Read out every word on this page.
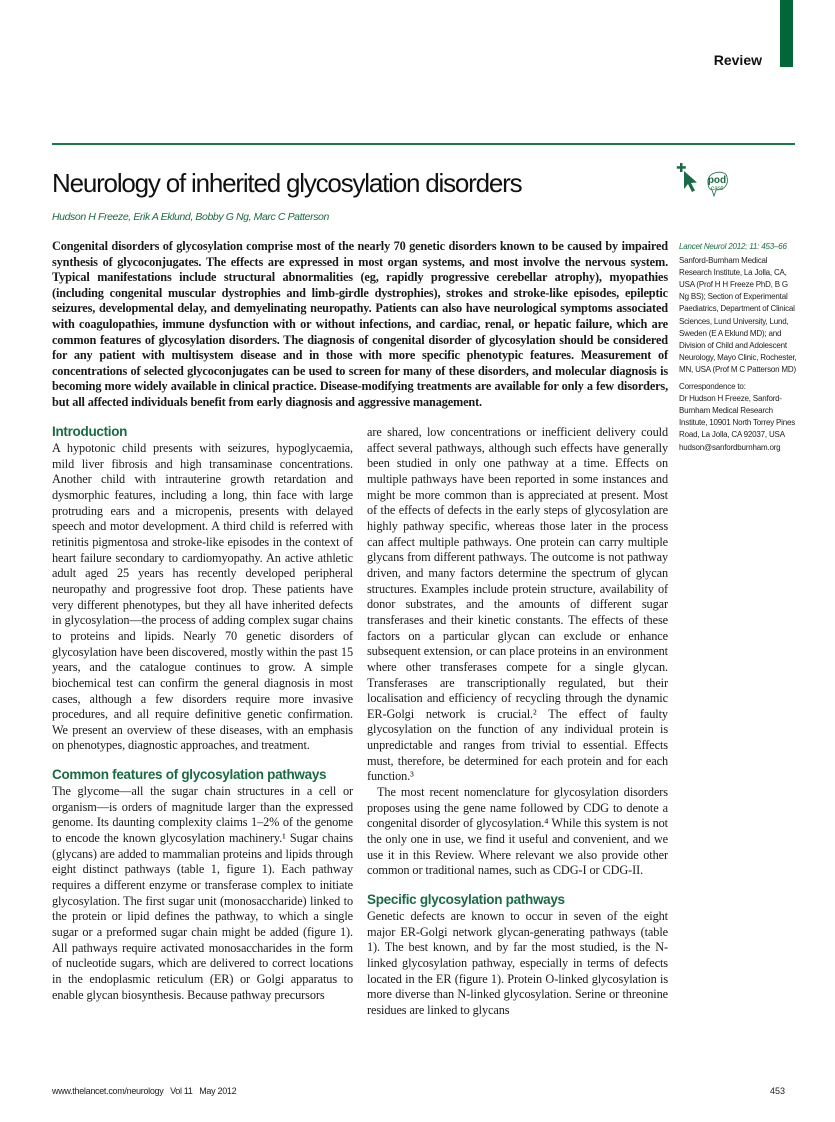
Review
Neurology of inherited glycosylation disorders
Hudson H Freeze, Erik A Eklund, Bobby G Ng, Marc C Patterson
pod
cast
Congenital disorders of glycosylation comprise most of the nearly 70 genetic disorders known to be caused by impaired synthesis of glycoconjugates. The effects are expressed in most organ systems, and most involve the nervous system. Typical manifestations include structural abnormalities (eg, rapidly progressive cerebellar atrophy), myopathies (including congenital muscular dystrophies and limb-girdle dystrophies), strokes and stroke-like episodes, epileptic seizures, developmental delay, and demyelinating neuropathy. Patients can also have neurological symptoms associated with coagulopathies, immune dysfunction with or without infections, and cardiac, renal, or hepatic failure, which are common features of glycosylation disorders. The diagnosis of congenital disorder of glycosylation should be considered for any patient with multisystem disease and in those with more specific phenotypic features. Measurement of concentrations of selected glycoconjugates can be used to screen for many of these disorders, and molecular diagnosis is becoming more widely available in clinical practice. Disease-modifying treatments are available for only a few disorders, but all affected individuals benefit from early diagnosis and aggressive management.
Lancet Neurol 2012; 11: 453–66
Sanford-Burnham Medical Research Institute, La Jolla, CA, USA (Prof H H Freeze PhD, B G Ng BS); Section of Experimental Paediatrics, Department of Clinical Sciences, Lund University, Lund, Sweden (E A Eklund MD); and Division of Child and Adolescent Neurology, Mayo Clinic, Rochester, MN, USA (Prof M C Patterson MD)
Correspondence to:
Dr Hudson H Freeze, Sanford-Burnham Medical Research Institute, 10901 North Torrey Pines Road, La Jolla, CA 92037, USA
hudson@sanfordburnham.org
Introduction

A hypotonic child presents with seizures, hypoglycaemia, mild liver fibrosis and high transaminase concentrations. Another child with intrauterine growth retardation and dysmorphic features, including a long, thin face with large protruding ears and a micropenis, presents with delayed speech and motor development. A third child is referred with retinitis pigmentosa and stroke-like episodes in the context of heart failure secondary to cardiomyopathy. An active athletic adult aged 25 years has recently developed peripheral neuropathy and progressive foot drop. These patients have very different phenotypes, but they all have inherited defects in glycosylation—the process of adding complex sugar chains to proteins and lipids. Nearly 70 genetic disorders of glycosylation have been discovered, mostly within the past 15 years, and the catalogue continues to grow. A simple biochemical test can confirm the general diagnosis in most cases, although a few disorders require more invasive procedures, and all require definitive genetic confirmation. We present an overview of these diseases, with an emphasis on phenotypes, diagnostic approaches, and treatment.

Common features of glycosylation pathways

The glycome—all the sugar chain structures in a cell or organism—is orders of magnitude larger than the expressed genome. Its daunting complexity claims 1–2% of the genome to encode the known glycosylation machinery.¹ Sugar chains (glycans) are added to mammalian proteins and lipids through eight distinct pathways (table 1, figure 1). Each pathway requires a different enzyme or transferase complex to initiate glycosylation. The first sugar unit (monosaccharide) linked to the protein or lipid defines the pathway, to which a single sugar or a preformed sugar chain might be added (figure 1). All pathways require activated monosaccharides in the form of nucleotide sugars, which are delivered to correct locations in the endoplasmic reticulum (ER) or Golgi apparatus to enable glycan biosynthesis. Because pathway precursors

are shared, low concentrations or inefficient delivery could affect several pathways, although such effects have generally been studied in only one pathway at a time. Effects on multiple pathways have been reported in some instances and might be more common than is appreciated at present. Most of the effects of defects in the early steps of glycosylation are highly pathway specific, whereas those later in the process can affect multiple pathways. One protein can carry multiple glycans from different pathways. The outcome is not pathway driven, and many factors determine the spectrum of glycan structures. Examples include protein structure, availability of donor substrates, and the amounts of different sugar transferases and their kinetic constants. The effects of these factors on a particular glycan can exclude or enhance subsequent extension, or can place proteins in an environment where other transferases compete for a single glycan. Transferases are transcriptionally regulated, but their localisation and efficiency of recycling through the dynamic ER-Golgi network is crucial.² The effect of faulty glycosylation on the function of any individual protein is unpredictable and ranges from trivial to essential. Effects must, therefore, be determined for each protein and for each function.³

The most recent nomenclature for glycosylation disorders proposes using the gene name followed by CDG to denote a congenital disorder of glycosylation.⁴ While this system is not the only one in use, we find it useful and convenient, and we use it in this Review. Where relevant we also provide other common or traditional names, such as CDG-I or CDG-II.

Specific glycosylation pathways

Genetic defects are known to occur in seven of the eight major ER-Golgi network glycan-generating pathways (table 1). The best known, and by far the most studied, is the N-linked glycosylation pathway, especially in terms of defects located in the ER (figure 1). Protein O-linked glycosylation is more diverse than N-linked glycosylation. Serine or threonine residues are linked to glycans

www.thelancet.com/neurology   Vol 11   May 2012	453
